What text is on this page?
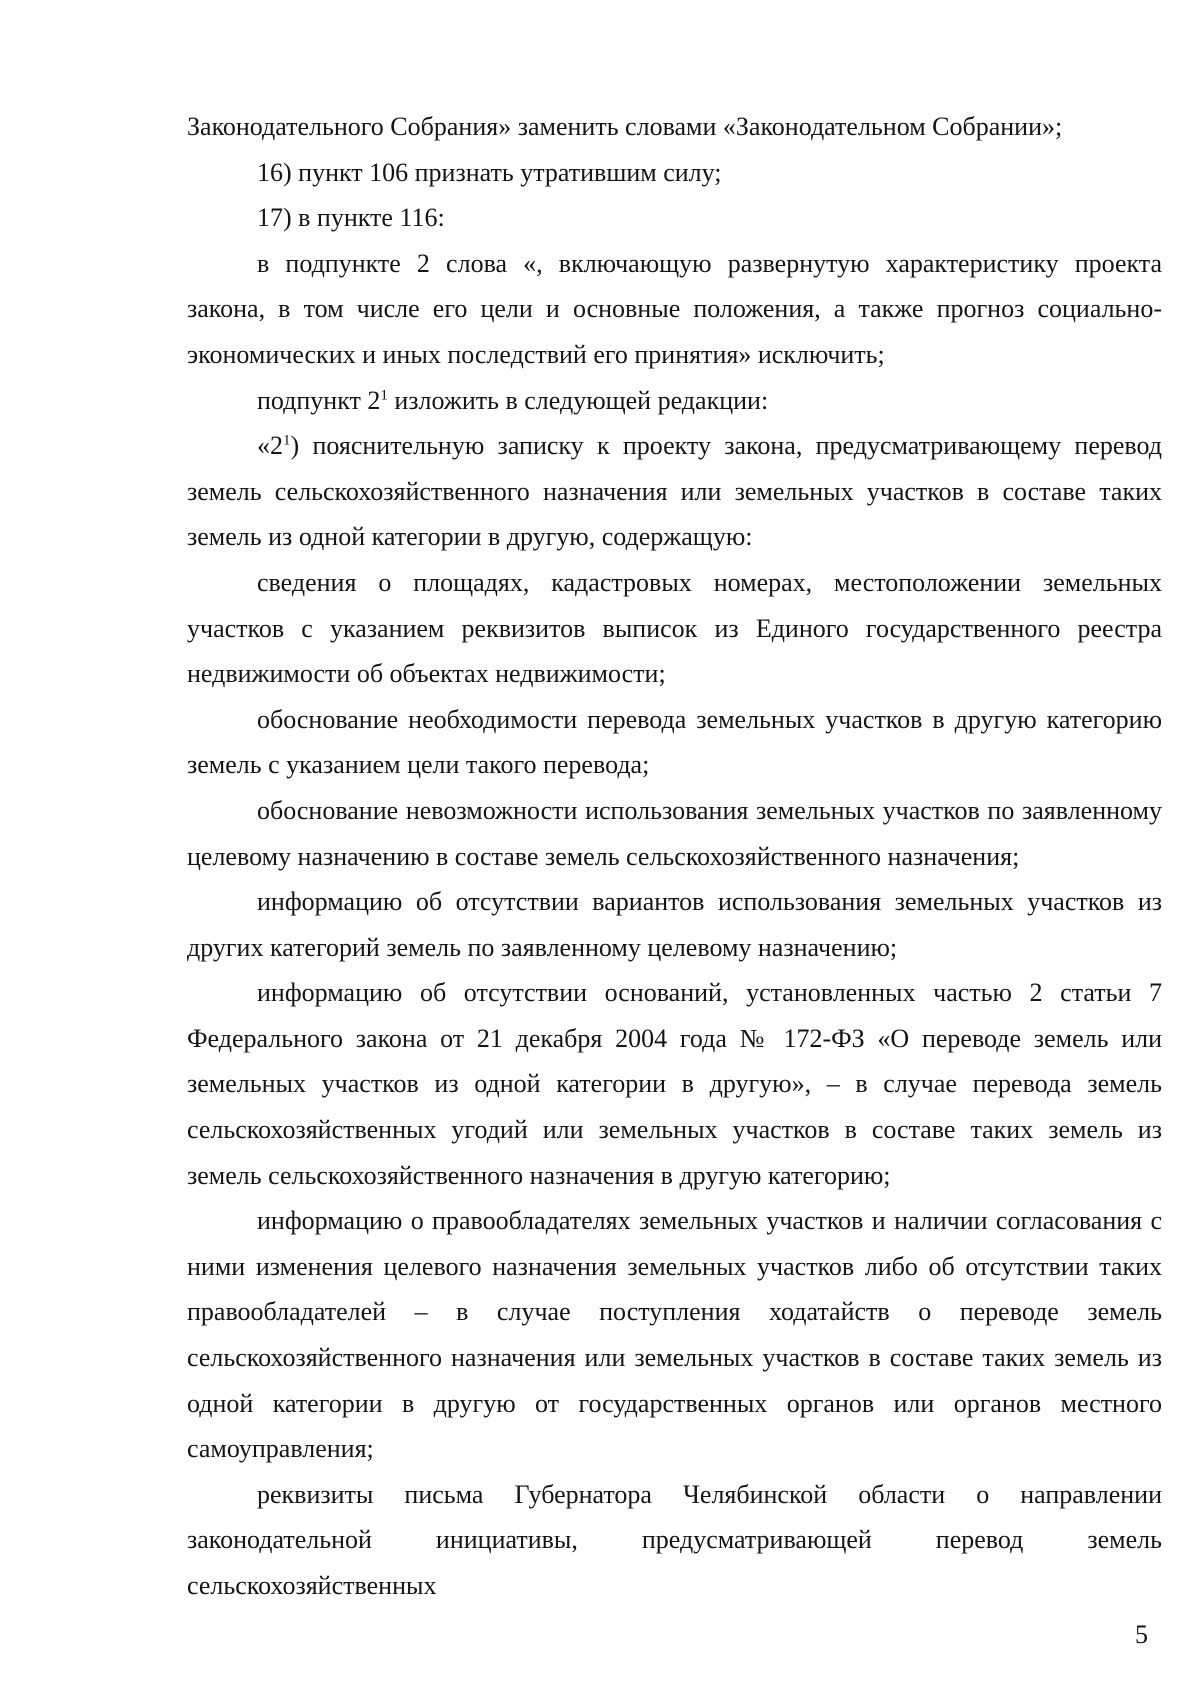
Законодательного Собрания» заменить словами «Законодательном Собрании»;

16) пункт 106 признать утратившим силу;

17) в пункте 116:

в подпункте 2 слова «, включающую развернутую характеристику проекта закона, в том числе его цели и основные положения, а также прогноз социально-экономических и иных последствий его принятия» исключить;

подпункт $2^1$ изложить в следующей редакции:

«$2^1$) пояснительную записку к проекту закона, предусматривающему перевод земель сельскохозяйственного назначения или земельных участков в составе таких земель из одной категории в другую, содержащую:

сведения о площадях, кадастровых номерах, местоположении земельных участков с указанием реквизитов выписок из Единого государственного реестра недвижимости об объектах недвижимости;

обоснование необходимости перевода земельных участков в другую категорию земель с указанием цели такого перевода;

обоснование невозможности использования земельных участков по заявленному целевому назначению в составе земель сельскохозяйственного назначения;

информацию об отсутствии вариантов использования земельных участков из других категорий земель по заявленному целевому назначению;

информацию об отсутствии оснований, установленных частью 2 статьи 7 Федерального закона от 21 декабря 2004 года № 172-ФЗ «О переводе земель или земельных участков из одной категории в другую», – в случае перевода земель сельскохозяйственных угодий или земельных участков в составе таких земель из земель сельскохозяйственного назначения в другую категорию;

информацию о правообладателях земельных участков и наличии согласования с ними изменения целевого назначения земельных участков либо об отсутствии таких правообладателей – в случае поступления ходатайств о переводе земель сельскохозяйственного назначения или земельных участков в составе таких земель из одной категории в другую от государственных органов или органов местного самоуправления;

реквизиты письма Губернатора Челябинской области о направлении законодательной инициативы, предусматривающей перевод земель сельскохозяйственных

5
